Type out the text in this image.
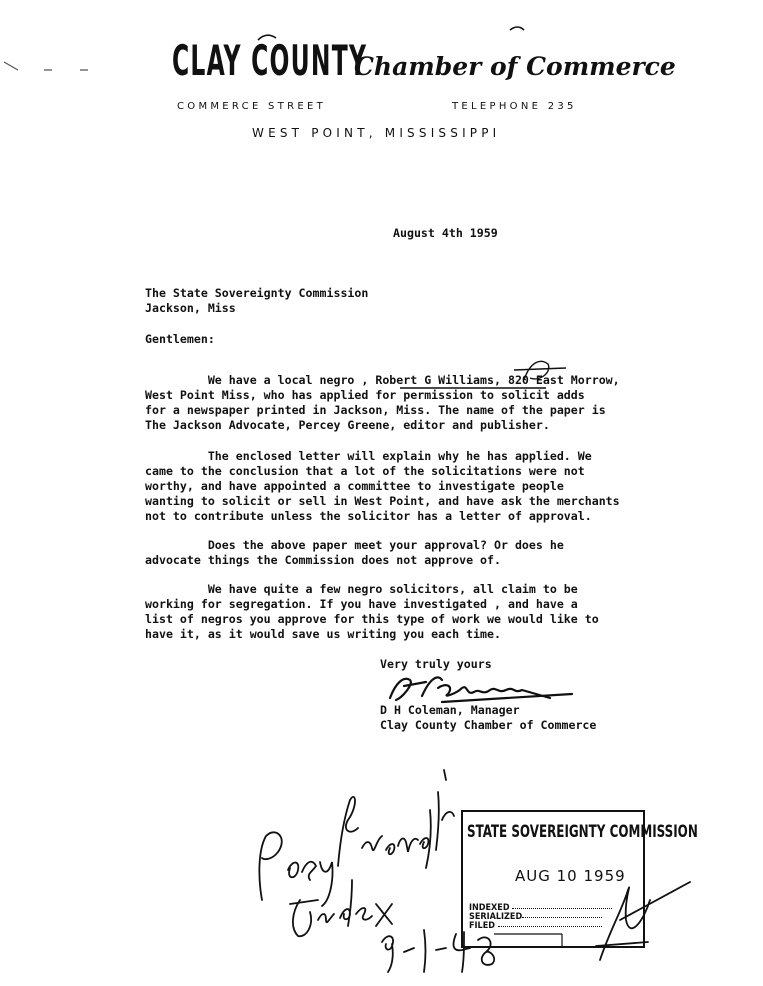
CLAY COUNTY
Chamber of Commerce
COMMERCE STREET	TELEPHONE 235
WEST POINT, MISSISSIPPI
August 4th 1959
The State Sovereignty Commission
Jackson, Miss
Gentlemen:
We have a local negro , Robert G Williams, 820 East Morrow,
West Point Miss, who has applied for permission to solicit adds
for a newspaper printed in Jackson, Miss. The name of the paper is
The Jackson Advocate, Percey Greene, editor and publisher.
The enclosed letter will explain why he has applied. We
came to the conclusion that a lot of the solicitations were not
worthy, and have appointed a committee to investigate people
wanting to solicit or sell in West Point, and have ask the merchants
not to contribute unless the solicitor has a letter of approval.
Does the above paper meet your approval? Or does he
advocate things the Commission does not approve of.
We have quite a few negro solicitors, all claim to be
working for segregation. If you have investigated , and have a
list of negros you approve for this type of work we would like to
have it, as it would save us writing you each time.
Very truly yours
D H Coleman, Manager
Clay County Chamber of Commerce
STATE SOVEREIGNTY COMMISSION
AUG 10 1959
INDEXED
SERIALIZED
FILED
